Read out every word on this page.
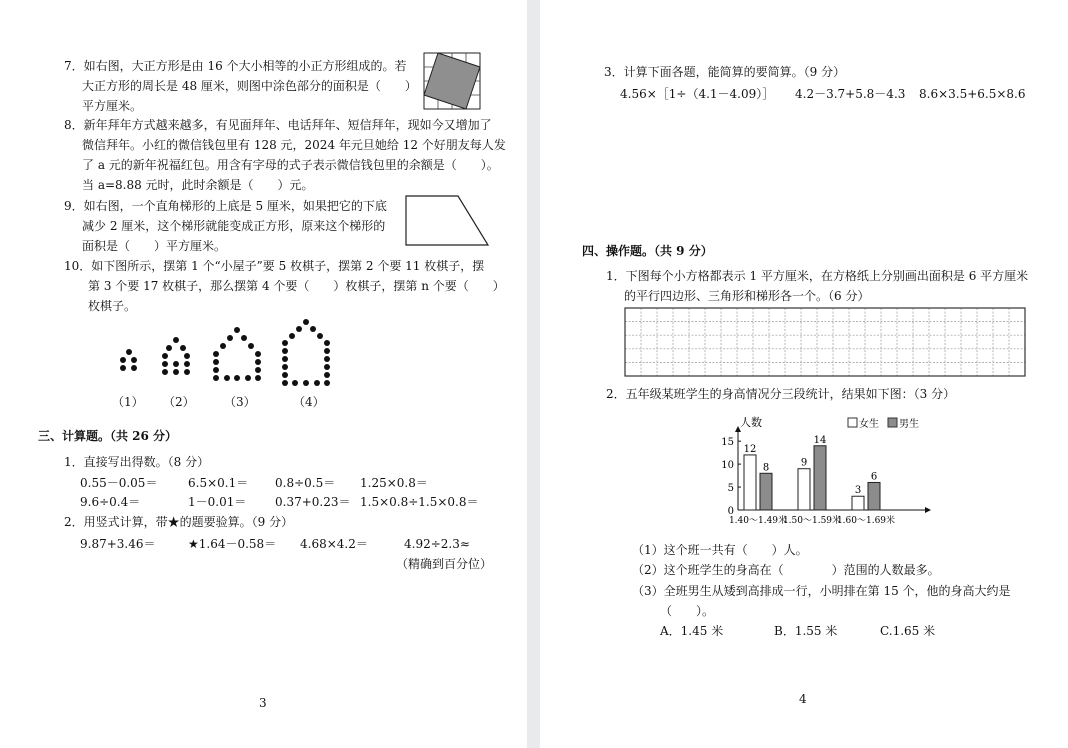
7．如右图，大正方形是由 16 个大小相等的小正方形组成的。若
大正方形的周长是 48 厘米，则图中涂色部分的面积是（　　）
平方厘米。
8．新年拜年方式越来越多，有见面拜年、电话拜年、短信拜年，现如今又增加了
微信拜年。小红的微信钱包里有 128 元，2024 年元旦她给 12 个好朋友每人发
了 a 元的新年祝福红包。用含有字母的式子表示微信钱包里的余额是（　　）。
当 a=8.88 元时，此时余额是（　　）元。
9．如右图，一个直角梯形的上底是 5 厘米，如果把它的下底
减少 2 厘米，这个梯形就能变成正方形，原来这个梯形的
面积是（　　）平方厘米。
10．如下图所示，摆第 1 个“小屋子”要 5 枚棋子，摆第 2 个要 11 枚棋子，摆
第 3 个要 17 枚棋子，那么摆第 4 个要（　　）枚棋子，摆第 n 个要（　　）
枚棋子。
（1） （2） （3）	（4）
三、计算题。（共 26 分）
1．直接写出得数。（8 分）
0.55－0.05＝	6.5×0.1＝ 0.8÷0.5＝ 1.25×0.8＝
9.6÷0.4＝	1－0.01＝ 0.37+0.23＝ 1.5×0.8÷1.5×0.8＝
2．用竖式计算，带★的题要验算。（9 分）
9.87+3.46＝	★1.64－0.58＝ 4.68×4.2＝	4.92÷2.3≈
（精确到百分位）
3
3．计算下面各题，能简算的要简算。（9 分）
4.56×［1÷（4.1－4.09）］ 4.2－3.7+5.8－4.3 8.6×3.5+6.5×8.6
四、操作题。（共 9 分）
1．下图每个小方格都表示 1 平方厘米，在方格纸上分别画出面积是 6 平方厘米
的平行四边形、三角形和梯形各一个。（6 分）
2．五年级某班学生的身高情况分三段统计，结果如下图：（3 分）
人数	女生 男生
0
5
10
15
12
8	9
14
3
6
1.40～1.49米
1.50～1.59米
1.60～1.69米
（1）这个班一共有（　　）人。
（2）这个班学生的身高在（　　　　）范围的人数最多。
（3）全班男生从矮到高排成一行，小明排在第 15 个，他的身高大约是
（　　）。
A．1.45 米	B．1.55 米	C.1.65 米
4
